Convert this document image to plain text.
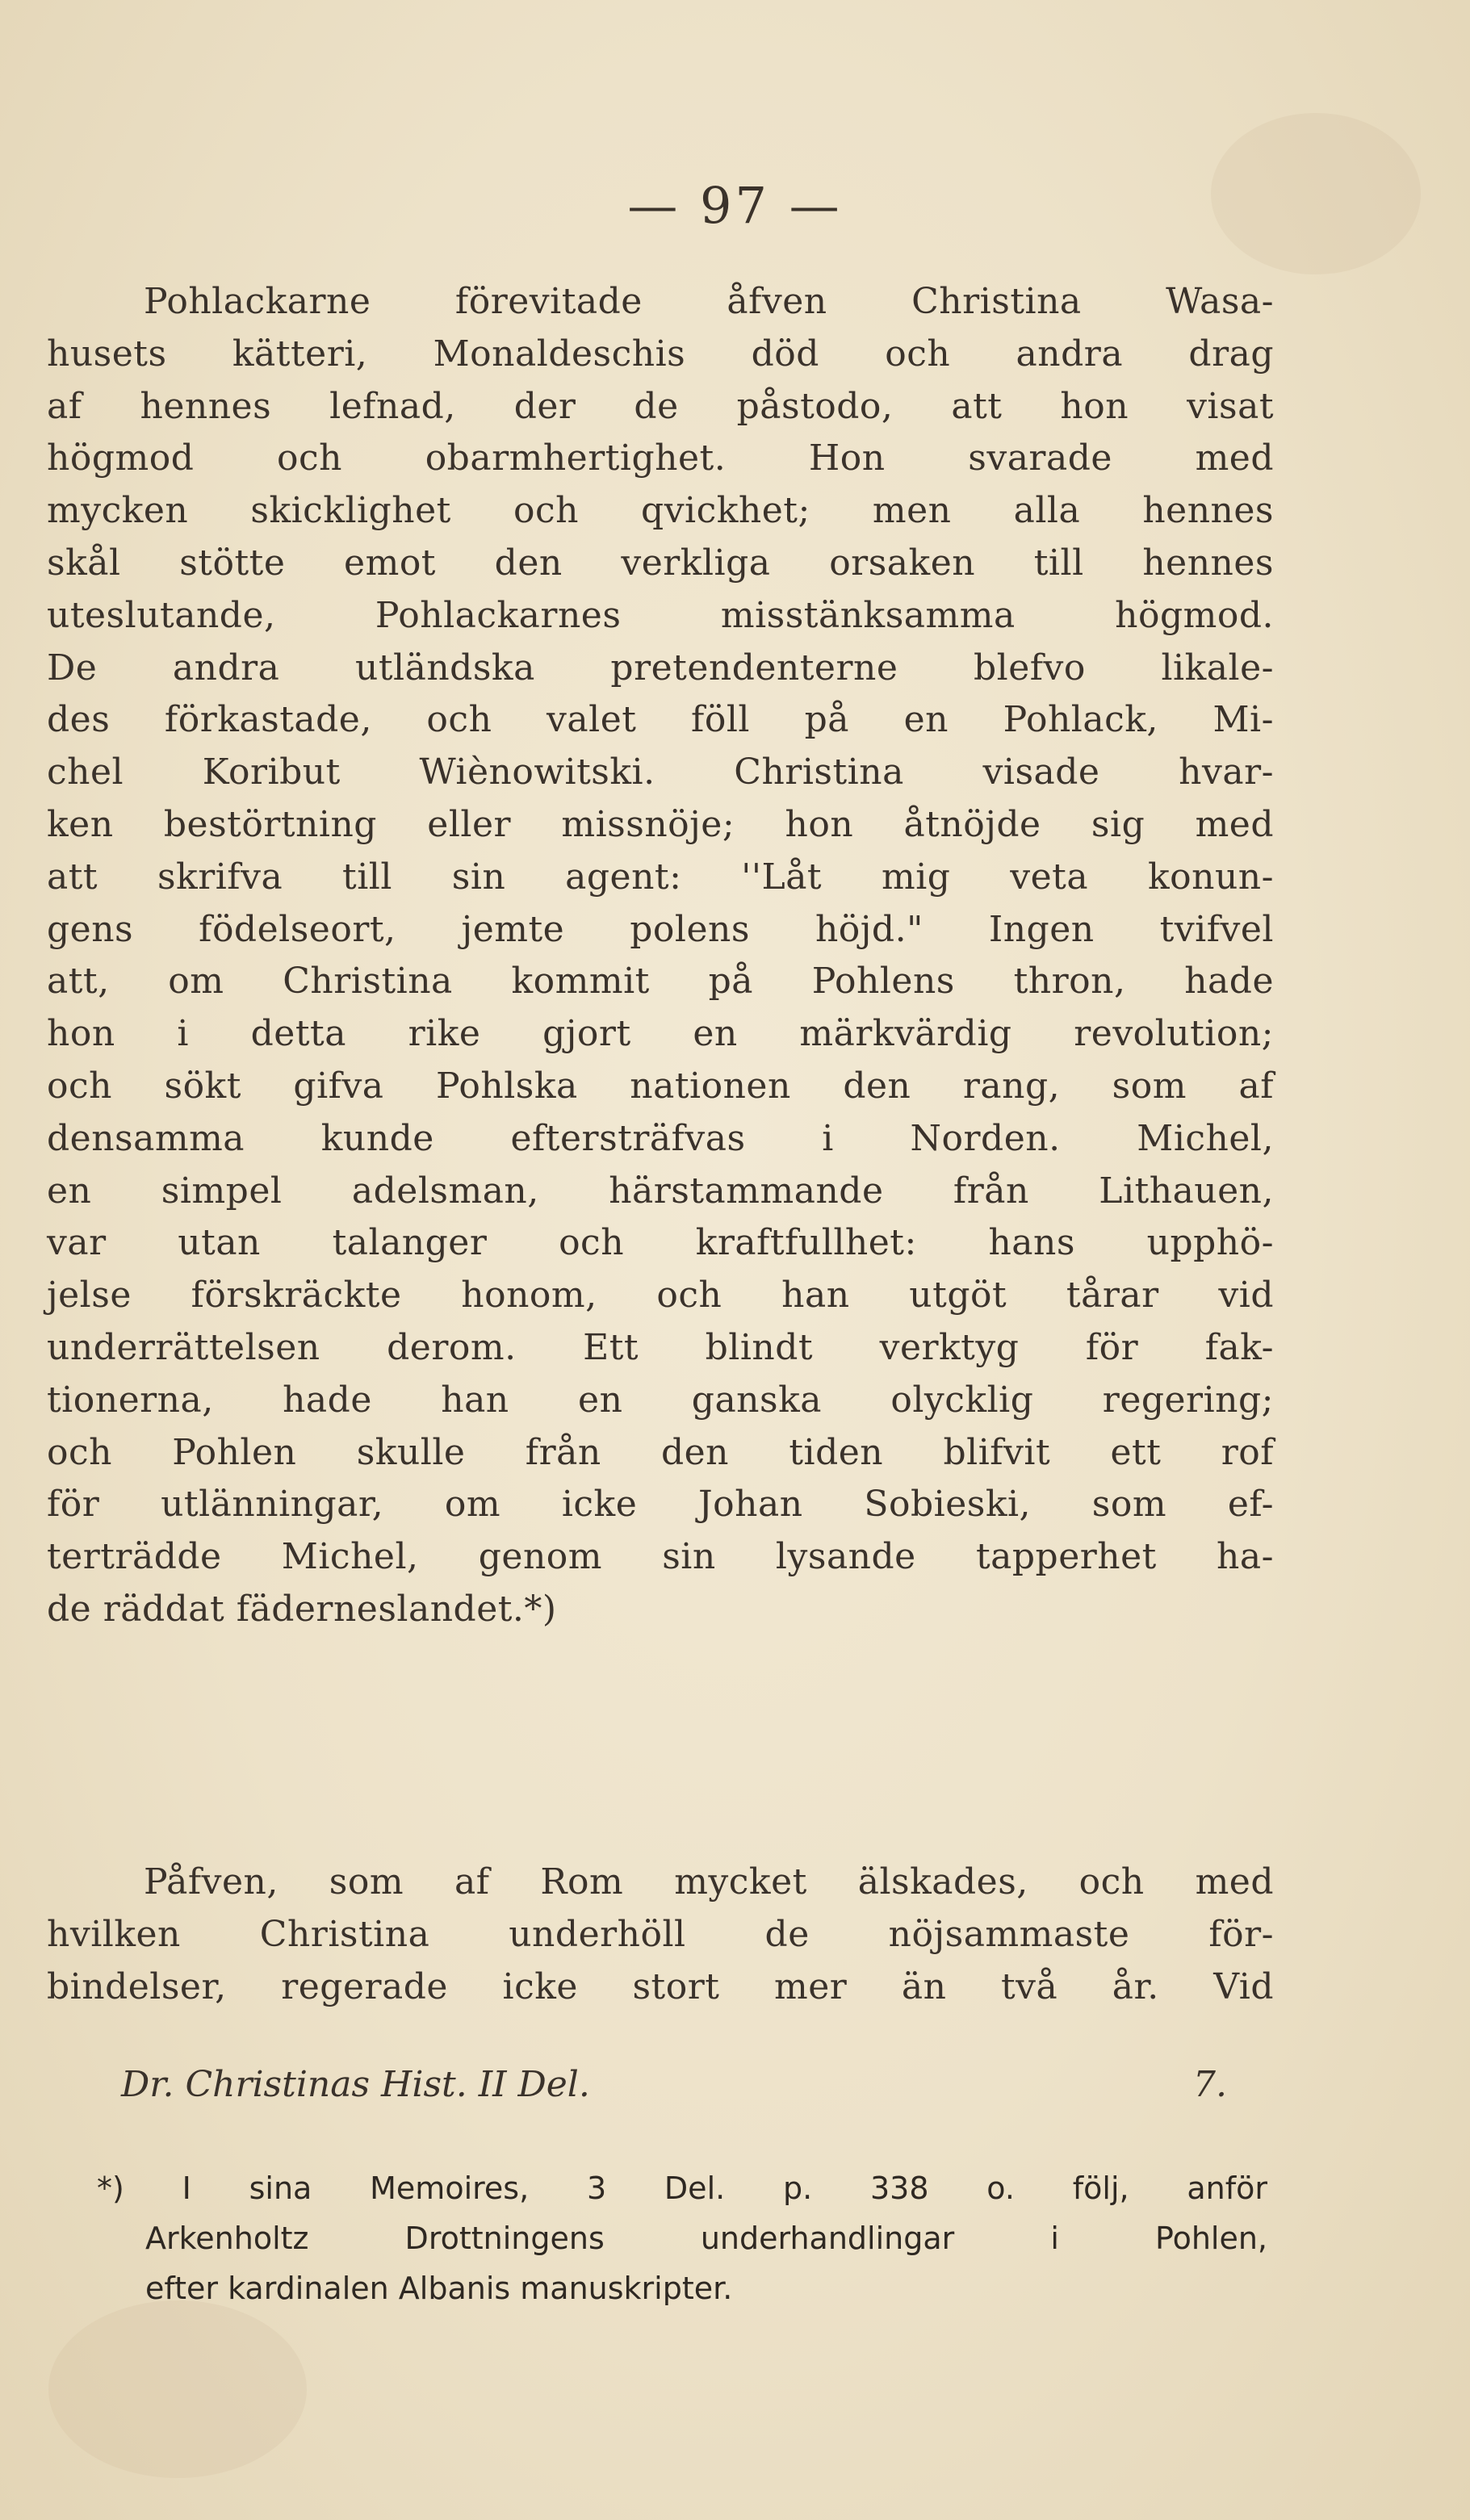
— 97 —
Pohlackarne förevitade åfven Christina Wasa-
husets kätteri, Monaldeschis död och andra drag
af hennes lefnad, der de påstodo, att hon visat
högmod och obarmhertighet. Hon svarade med
mycken skicklighet och qvickhet; men alla hennes
skål stötte emot den verkliga orsaken till hennes
uteslutande, Pohlackarnes misstänksamma högmod.
De andra utländska pretendenterne blefvo likale-
des förkastade, och valet föll på en Pohlack, Mi-
chel Koribut Wiènowitski. Christina visade hvar-
ken bestörtning eller missnöje; hon åtnöjde sig med
att skrifva till sin agent: ''Låt mig veta konun-
gens födelseort, jemte polens höjd." Ingen tvifvel
att, om Christina kommit på Pohlens thron, hade
hon i detta rike gjort en märkvärdig revolution;
och sökt gifva Pohlska nationen den rang, som af
densamma kunde eftersträfvas i Norden. Michel,
en simpel adelsman, härstammande från Lithauen,
var utan talanger och kraftfullhet: hans upphö-
jelse förskräckte honom, och han utgöt tårar vid
underrättelsen derom. Ett blindt verktyg för fak-
tionerna, hade han en ganska olycklig regering;
och Pohlen skulle från den tiden blifvit ett rof
för utlänningar, om icke Johan Sobieski, som ef-
terträdde Michel, genom sin lysande tapperhet ha-
de räddat fäderneslandet.*)
Påfven, som af Rom mycket älskades, och med
hvilken Christina underhöll de nöjsammaste för-
bindelser, regerade icke stort mer än två år. Vid
Dr. Christinas Hist. II Del.	7.
*) I sina Memoires, 3 Del. p. 338 o. följ, anför
Arkenholtz Drottningens underhandlingar i Pohlen,
efter kardinalen Albanis manuskripter.
